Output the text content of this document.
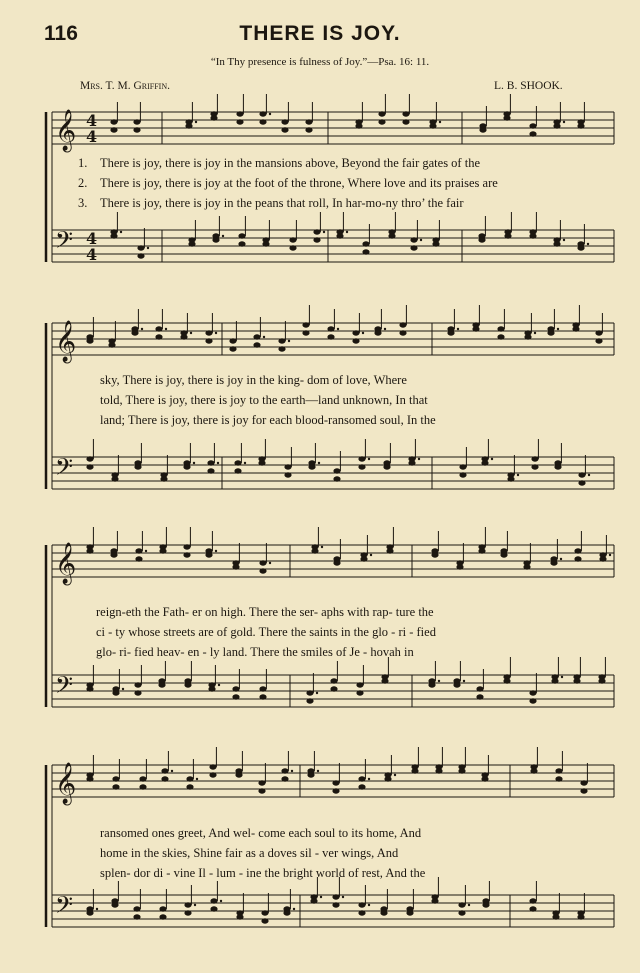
116	THERE IS JOY.
“In Thy presence is fulness of Joy.”—Psa. 16: 11.
Mrs. T. M. Griffin.	L. B. SHOOK.
𝄞
𝄢
4
4
4
4
1. There is joy, there is joy in the mansions above, Beyond the fair gates of the
2. There is joy, there is joy at the foot of the throne, Where love and its praises are
3. There is joy, there is joy in the peans that roll, In har-mo-ny thro’ the fair
𝄞
𝄢
sky, There is joy, there is joy in the king- dom of love, Where
told, There is joy, there is joy to the earth—land unknown, In that
land; There is joy, there is joy for each blood-ransomed soul, In the
𝄞
𝄢
reign-eth the Fath- er on high. There the ser- aphs with rap- ture the
ci - ty whose streets are of gold. There the saints in the glo - ri - fied
glo- ri- fied heav- en - ly land. There the smiles of Je - hovah in
𝄞
𝄢
ransomed ones greet, And wel- come each soul to its home, And
home in the skies, Shine fair as a doves sil - ver wings, And
splen- dor di - vine Il - lum - ine the bright world of rest, And the
